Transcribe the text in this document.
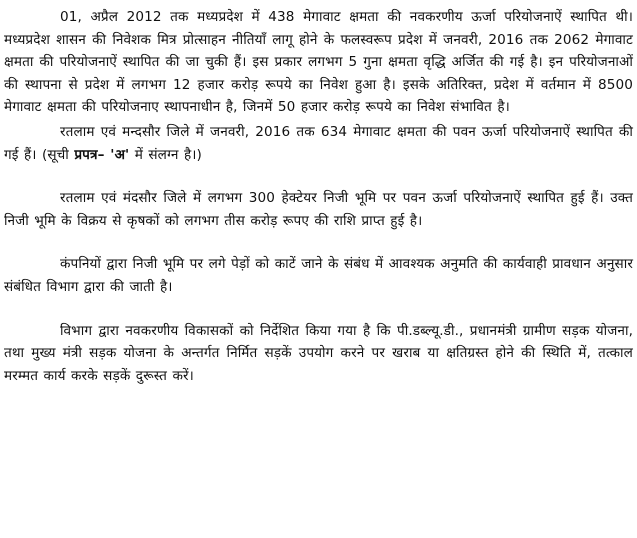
01, अप्रैल 2012 तक मध्यप्रदेश में 438 मेगावाट क्षमता की नवकरणीय ऊर्जा परियोजनाऐं स्थापित थी। मध्यप्रदेश शासन की निवेशक मित्र प्रोत्साहन नीतियाँ लागू होने के फलस्वरूप प्रदेश में जनवरी, 2016 तक 2062 मेगावाट क्षमता की परियोजनाऐं स्थापित की जा चुकी हैं। इस प्रकार लगभग 5 गुना क्षमता वृद्धि अर्जित की गई है। इन परियोजनाओं की स्थापना से प्रदेश में लगभग 12 हजार करोड़ रूपये का निवेश हुआ है। इसके अतिरिक्त, प्रदेश में वर्तमान में 8500 मेगावाट क्षमता की परियोजनाए स्थापनाधीन है, जिनमें 50 हजार करोड़ रूपये का निवेश संभावित है।

रतलाम एवं मन्दसौर जिले में जनवरी, 2016 तक 634 मेगावाट क्षमता की पवन ऊर्जा परियोजनाऐं स्थापित की गई हैं। (सूची प्रपत्र– 'अ' में संलग्न है।)

रतलाम एवं मंदसौर जिले में लगभग 300 हेक्टेयर निजी भूमि पर पवन ऊर्जा परियोजनाऐं स्थापित हुई हैं। उक्त निजी भूमि के विक्रय से कृषकों को लगभग तीस करोड़ रूपए की राशि प्राप्त हुई है।

कंपनियों द्वारा निजी भूमि पर लगे पेड़ों को काटें जाने के संबंध में आवश्यक अनुमति की कार्यवाही प्रावधान अनुसार संबंधित विभाग द्वारा की जाती है।

विभाग द्वारा नवकरणीय विकासकों को निर्देशित किया गया है कि पी.डब्ल्यू.डी., प्रधानमंत्री ग्रामीण सड़क योजना, तथा मुख्य मंत्री सड़क योजना के अन्तर्गत निर्मित सड़कें उपयोग करने पर खराब या क्षतिग्रस्त होने की स्थिति में, तत्काल मरम्मत कार्य करके सड़कें दुरूस्त करें।
